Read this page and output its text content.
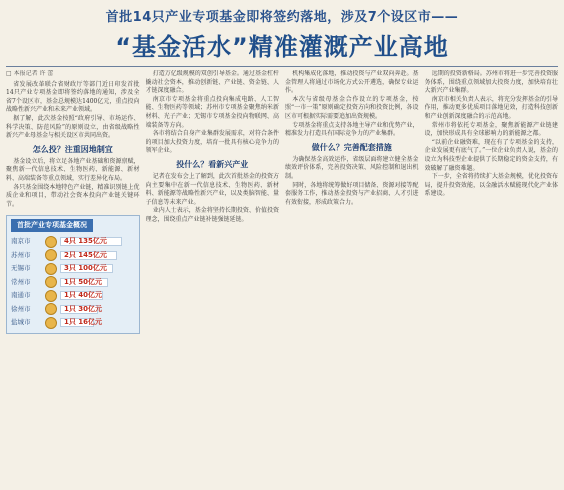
首批14只产业专项基金即将签约落地，涉及7个设区市——
“基金活水”精准灌溉产业高地
□ 本报记者 许 蕾

省发展改革联合省财政厅等部门近日印发首批14只产业专项基金即将签约落地的通知，涉及全省7个设区市，基金总规模达1400亿元，重点投向战略性新兴产业和未来产业领域。

据了解，此次基金按照“政府引导、市场运作、科学决策、防范风险”的原则设立，由省级战略性新兴产业母基金与相关设区市共同出资。

怎么投？注重因地制宜

基金设立后，将立足各地产业基础和资源禀赋，聚焦新一代信息技术、生物医药、新能源、新材料、高端装备等重点领域，实行差异化布局。

各只基金围绕本地特色产业链，精准识别链上优质企业和项目，带动社会资本投向产业链关键环节。

首批产业专项基金概况
南京市	4只 135亿元
苏州市	2只 145亿元
无锡市	3只 100亿元
常州市	1只 50亿元
南通市	1只 40亿元
徐州市	1只 30亿元
盐城市	1只 16亿元

打造万亿级规模的双创引导基金。通过基金杠杆撬动社会资本，推动创新链、产业链、资金链、人才链深度融合。

南京市专项基金将重点投向集成电路、人工智能、生物医药等领域；苏州市专项基金聚焦纳米新材料、光子产业；无锡市专项基金投向物联网、高端装备等方向。

各市将结合自身产业集群发展需求，对符合条件的项目加大投资力度，培育一批具有核心竞争力的领军企业。

投什么？看新兴产业

记者在发布会上了解到，此次首批基金的投资方向主要集中在新一代信息技术、生物医药、新材料、新能源等战略性新兴产业，以及类脑智能、量子信息等未来产业。

业内人士表示，基金将坚持长期投资、价值投资理念，围绕重点产业链补链强链延链。

机构集成化落地，推动投资与产业双向奔赴。基金管理人将通过市场化方式公开遴选，确保专业运作。

本次与省级母基金合作设立的专项基金，按照“一市一策”原则确定投资方向和投资比例，各设区市可根据实际需要追加出资规模。

专项基金将重点支持各地主导产业和优势产业，精准发力打造具有国际竞争力的产业集群。

做什么？完善配套措施

为确保基金高效运作，省级层面将建立健全基金绩效评价体系，完善投资决策、风险控制和退出机制。

同时，各地将统筹做好项目储备、资源对接等配套服务工作，推动基金投资与产业招商、人才引进有效衔接，形成政策合力。

远期的投资新格局。苏州市将进一步完善投资服务体系，围绕重点领域加大投资力度，加快培育壮大新兴产业集群。

南京市相关负责人表示，将充分发挥基金的引导作用，推动更多优质项目落地见效，打造科技创新和产业创新深度融合的示范高地。

常州市将依托专项基金，聚焦新能源产业链建设，加快形成具有全球影响力的新能源之都。

“以前企业融资难，现在有了专项基金的支持，企业发展更有底气了。”一位企业负责人说，基金的设立为科技型企业提供了长期稳定的资金支持，有效破解了融资难题。

下一步，全省将持续扩大基金规模，优化投资布局，提升投资效能，以金融活水赋能现代化产业体系建设。
